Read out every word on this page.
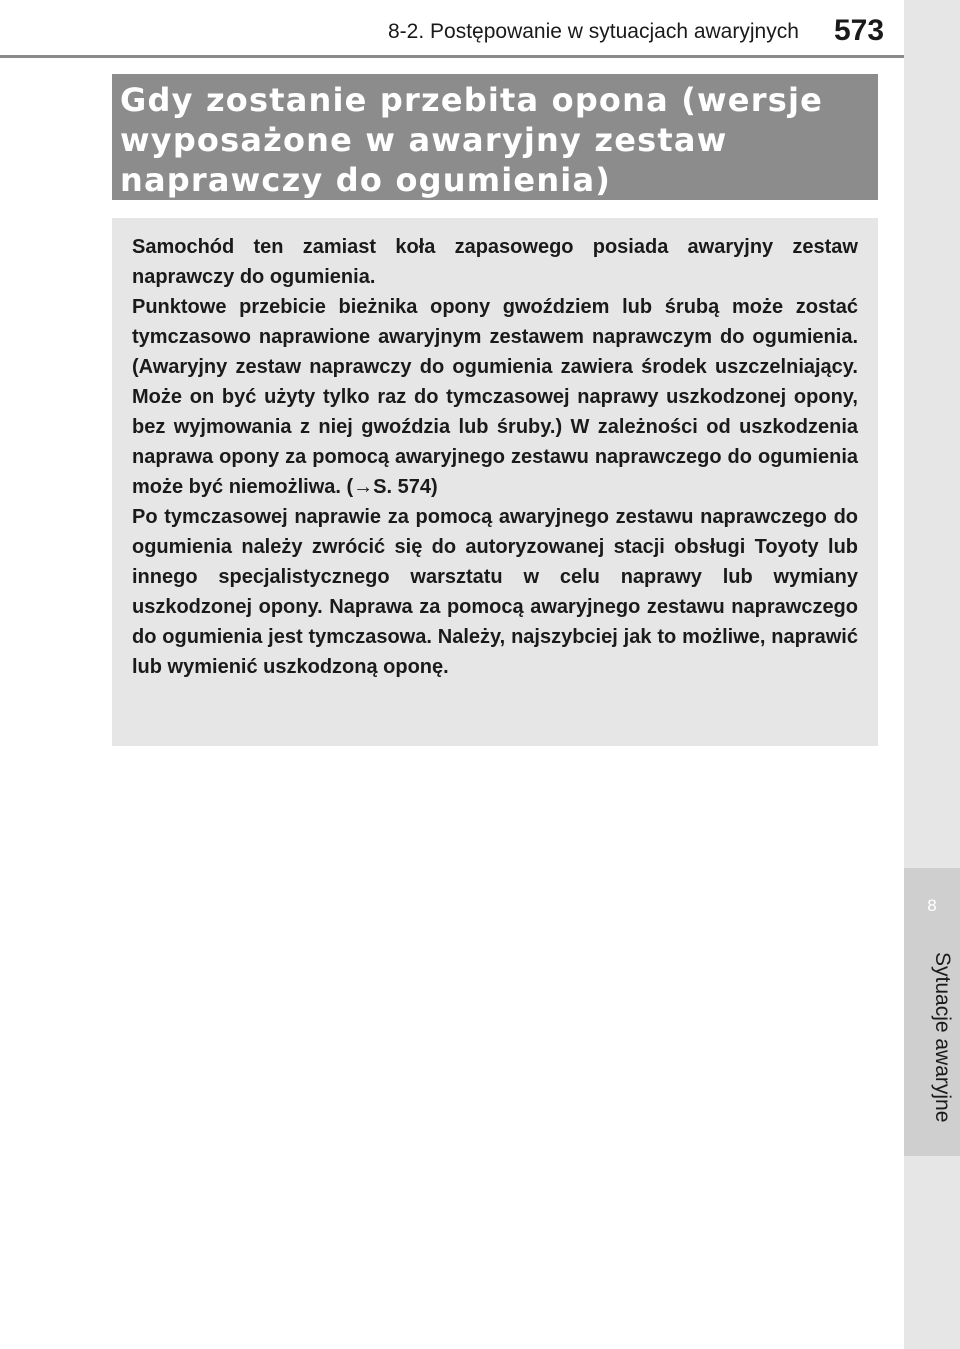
8-2. Postępowanie w sytuacjach awaryjnych 573
8
Sytuacje awaryjne
Gdy zostanie przebita opona (wersje wyposażone w awaryjny zestaw naprawczy do ogumienia)

Samochód ten zamiast koła zapasowego posiada awaryjny zestaw naprawczy do ogumienia.

Punktowe przebicie bieżnika opony gwoździem lub śrubą może zostać tymczasowo naprawione awaryjnym zestawem naprawczym do ogumienia. (Awaryjny zestaw naprawczy do ogumienia zawiera środek uszczelniający. Może on być użyty tylko raz do tymczasowej naprawy uszkodzonej opony, bez wyjmowania z niej gwoździa lub śruby.) W zależności od uszkodzenia naprawa opony za pomocą awaryjnego zestawu naprawczego do ogumienia może być niemożliwa. (→S. 574)

Po tymczasowej naprawie za pomocą awaryjnego zestawu naprawczego do ogumienia należy zwrócić się do autoryzowanej stacji obsługi Toyoty lub innego specjalistycznego warsztatu w celu naprawy lub wymiany uszkodzonej opony. Naprawa za pomocą awaryjnego zestawu naprawczego do ogumienia jest tymczasowa. Należy, najszybciej jak to możliwe, naprawić lub wymienić uszkodzoną oponę.
